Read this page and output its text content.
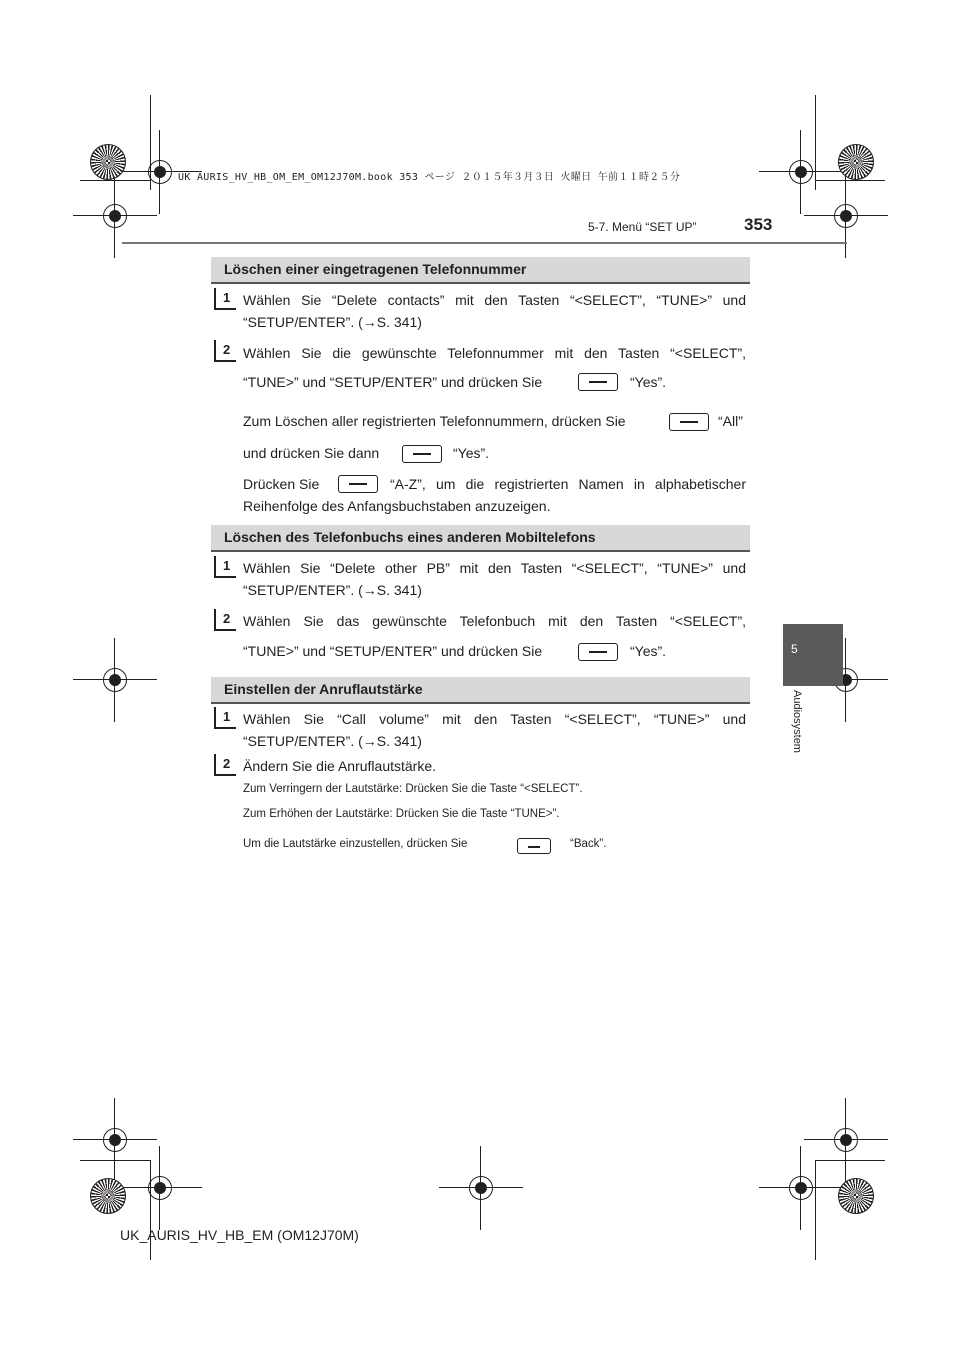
UK AURIS_HV_HB_OM_EM_OM12J70M.book 353 ページ ２０１５年３月３日 火曜日 午前１１時２５分
5-7. Menü “SET UP”	353
5
Audiosystem
Löschen einer eingetragenen Telefonnummer
1 Wählen Sie “Delete contacts” mit den Tasten “<SELECT”, “TUNE>” und
“SETUP/ENTER”. (→S. 341)
2 Wählen Sie die gewünschte Telefonnummer mit den Tasten “<SELECT”,
“TUNE>” und “SETUP/ENTER” und drücken Sie	“Yes”.
Zum Löschen aller registrierten Telefonnummern, drücken Sie	“All”
und drücken Sie dann	“Yes”.
Drücken Sie	“A-Z”, um die registrierten Namen in alphabetischer
Reihenfolge des Anfangsbuchstaben anzuzeigen.
Löschen des Telefonbuchs eines anderen Mobiltelefons
1 Wählen Sie “Delete other PB” mit den Tasten “<SELECT”, “TUNE>” und
“SETUP/ENTER”. (→S. 341)
2 Wählen Sie das gewünschte Telefonbuch mit den Tasten “<SELECT”,
“TUNE>” und “SETUP/ENTER” und drücken Sie	“Yes”.
Einstellen der Anruflautstärke
1 Wählen Sie “Call volume” mit den Tasten “<SELECT”, “TUNE>” und
“SETUP/ENTER”. (→S. 341)
2 Ändern Sie die Anruflautstärke.
Zum Verringern der Lautstärke: Drücken Sie die Taste “<SELECT”.
Zum Erhöhen der Lautstärke: Drücken Sie die Taste “TUNE>”.
Um die Lautstärke einzustellen, drücken Sie	“Back”.
UK_AURIS_HV_HB_EM (OM12J70M)
